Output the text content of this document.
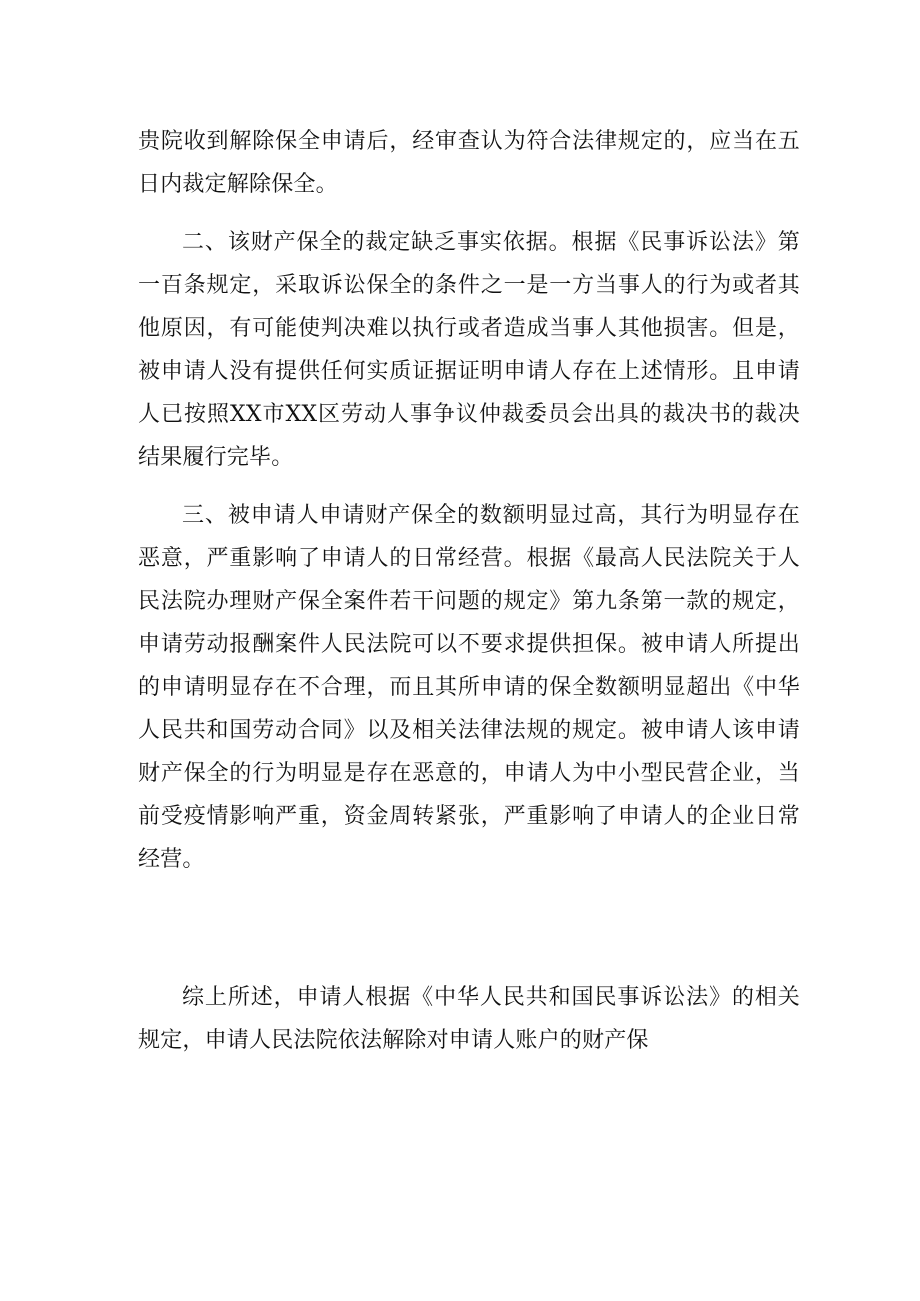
贵院收到解除保全申请后，经审查认为符合法律规定的，应当在五日内裁定解除保全。

二、该财产保全的裁定缺乏事实依据。根据《民事诉讼法》第一百条规定，采取诉讼保全的条件之一是一方当事人的行为或者其他原因，有可能使判决难以执行或者造成当事人其他损害。但是，被申请人没有提供任何实质证据证明申请人存在上述情形。且申请人已按照XX市XX区劳动人事争议仲裁委员会出具的裁决书的裁决结果履行完毕。

三、被申请人申请财产保全的数额明显过高，其行为明显存在恶意，严重影响了申请人的日常经营。根据《最高人民法院关于人民法院办理财产保全案件若干问题的规定》第九条第一款的规定，申请劳动报酬案件人民法院可以不要求提供担保。被申请人所提出的申请明显存在不合理，而且其所申请的保全数额明显超出《中华人民共和国劳动合同》以及相关法律法规的规定。被申请人该申请财产保全的行为明显是存在恶意的，申请人为中小型民营企业，当前受疫情影响严重，资金周转紧张，严重影响了申请人的企业日常经营。

综上所述，申请人根据《中华人民共和国民事诉讼法》的相关规定，申请人民法院依法解除对申请人账户的财产保
